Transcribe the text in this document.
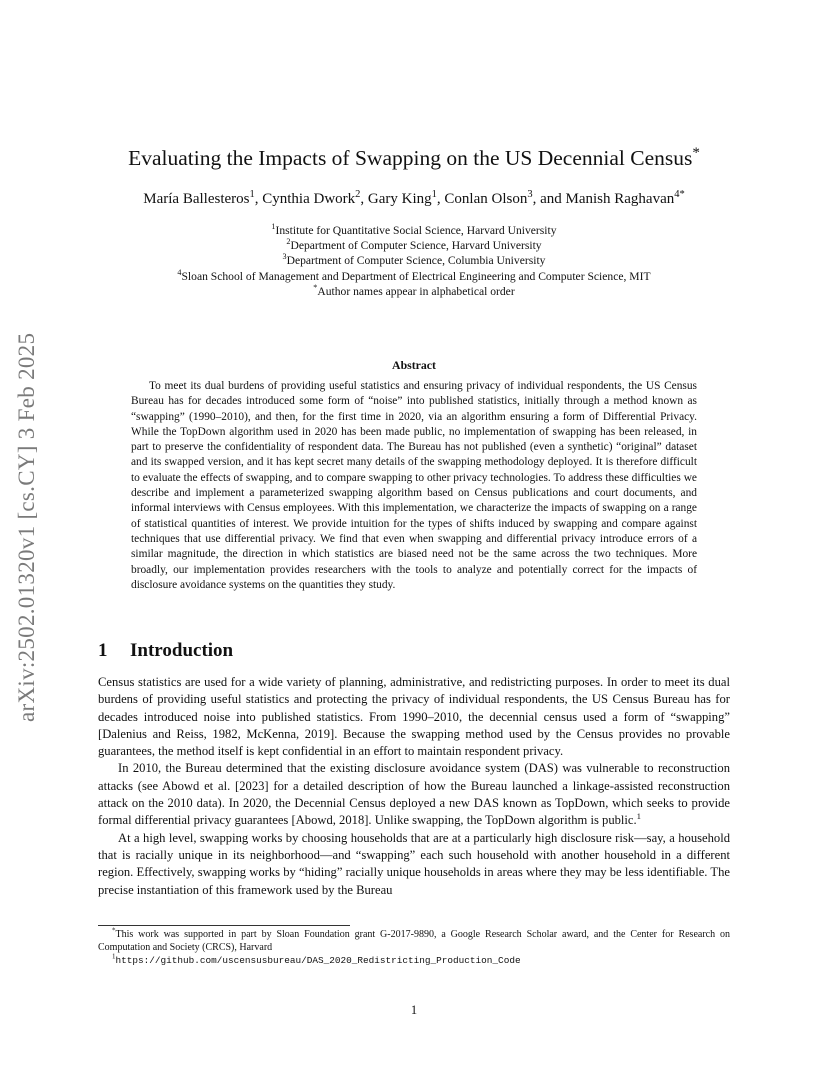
arXiv:2502.01320v1 [cs.CY] 3 Feb 2025
Evaluating the Impacts of Swapping on the US Decennial Census*
María Ballesteros$^1$, Cynthia Dwork$^2$, Gary King$^1$, Conlan Olson$^3$, and Manish Raghavan$^{4*}$
$^1$Institute for Quantitative Social Science, Harvard University
$^2$Department of Computer Science, Harvard University
$^3$Department of Computer Science, Columbia University
$^4$Sloan School of Management and Department of Electrical Engineering and Computer Science, MIT
*Author names appear in alphabetical order
Abstract

To meet its dual burdens of providing useful statistics and ensuring privacy of individual respondents, the US Census Bureau has for decades introduced some form of “noise” into published statistics, initially through a method known as “swapping” (1990–2010), and then, for the first time in 2020, via an algorithm ensuring a form of Differential Privacy. While the TopDown algorithm used in 2020 has been made public, no implementation of swapping has been released, in part to preserve the confidentiality of respondent data. The Bureau has not published (even a synthetic) “original” dataset and its swapped version, and it has kept secret many details of the swapping methodology deployed. It is therefore difficult to evaluate the effects of swapping, and to compare swapping to other privacy technologies. To address these difficulties we describe and implement a parameterized swapping algorithm based on Census publications and court documents, and informal interviews with Census employees. With this implementation, we characterize the impacts of swapping on a range of statistical quantities of interest. We provide intuition for the types of shifts induced by swapping and compare against techniques that use differential privacy. We find that even when swapping and differential privacy introduce errors of a similar magnitude, the direction in which statistics are biased need not be the same across the two techniques. More broadly, our implementation provides researchers with the tools to analyze and potentially correct for the impacts of disclosure avoidance systems on the quantities they study.

1 Introduction

Census statistics are used for a wide variety of planning, administrative, and redistricting purposes. In order to meet its dual burdens of providing useful statistics and protecting the privacy of individual respondents, the US Census Bureau has for decades introduced noise into published statistics. From 1990–2010, the decennial census used a form of “swapping” [Dalenius and Reiss, 1982, McKenna, 2019]. Because the swapping method used by the Census provides no provable guarantees, the method itself is kept confidential in an effort to maintain respondent privacy.

In 2010, the Bureau determined that the existing disclosure avoidance system (DAS) was vulnerable to reconstruction attacks (see Abowd et al. [2023] for a detailed description of how the Bureau launched a linkage-assisted reconstruction attack on the 2010 data). In 2020, the Decennial Census deployed a new DAS known as TopDown, which seeks to provide formal differential privacy guarantees [Abowd, 2018]. Unlike swapping, the TopDown algorithm is public.$^1$

At a high level, swapping works by choosing households that are at a particularly high disclosure risk—say, a household that is racially unique in its neighborhood—and “swapping” each such household with another household in a different region. Effectively, swapping works by “hiding” racially unique households in areas where they may be less identifiable. The precise instantiation of this framework used by the Bureau

*This work was supported in part by Sloan Foundation grant G-2017-9890, a Google Research Scholar award, and the Center for Research on Computation and Society (CRCS), Harvard
$^1$https://github.com/uscensusbureau/DAS_2020_Redistricting_Production_Code
1
